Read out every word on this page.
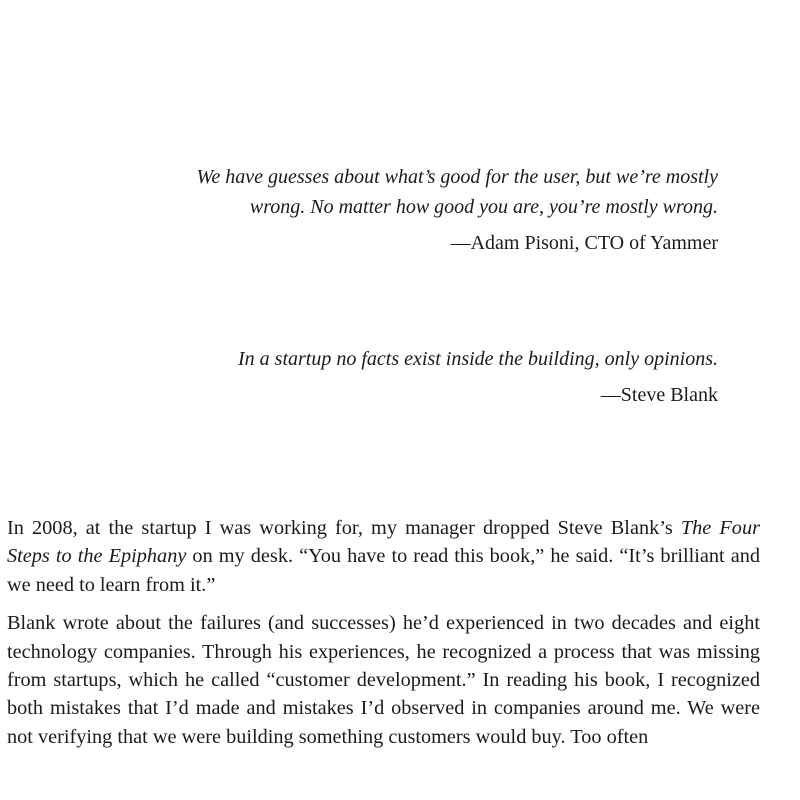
We have guesses about what’s good for the user, but we’re mostly
wrong. No matter how good you are, you’re mostly wrong.

—Adam Pisoni, CTO of Yammer

In a startup no facts exist inside the building, only opinions.

—Steve Blank

In 2008, at the startup I was working for, my manager dropped Steve Blank’s The Four Steps to the Epiphany on my desk. “You have to read this book,” he said. “It’s brilliant and we need to learn from it.”

Blank wrote about the failures (and successes) he’d experienced in two decades and eight technology companies. Through his experiences, he recognized a process that was missing from startups, which he called “customer development.” In reading his book, I recognized both mistakes that I’d made and mistakes I’d observed in companies around me. We were not verifying that we were building something customers would buy. Too often
